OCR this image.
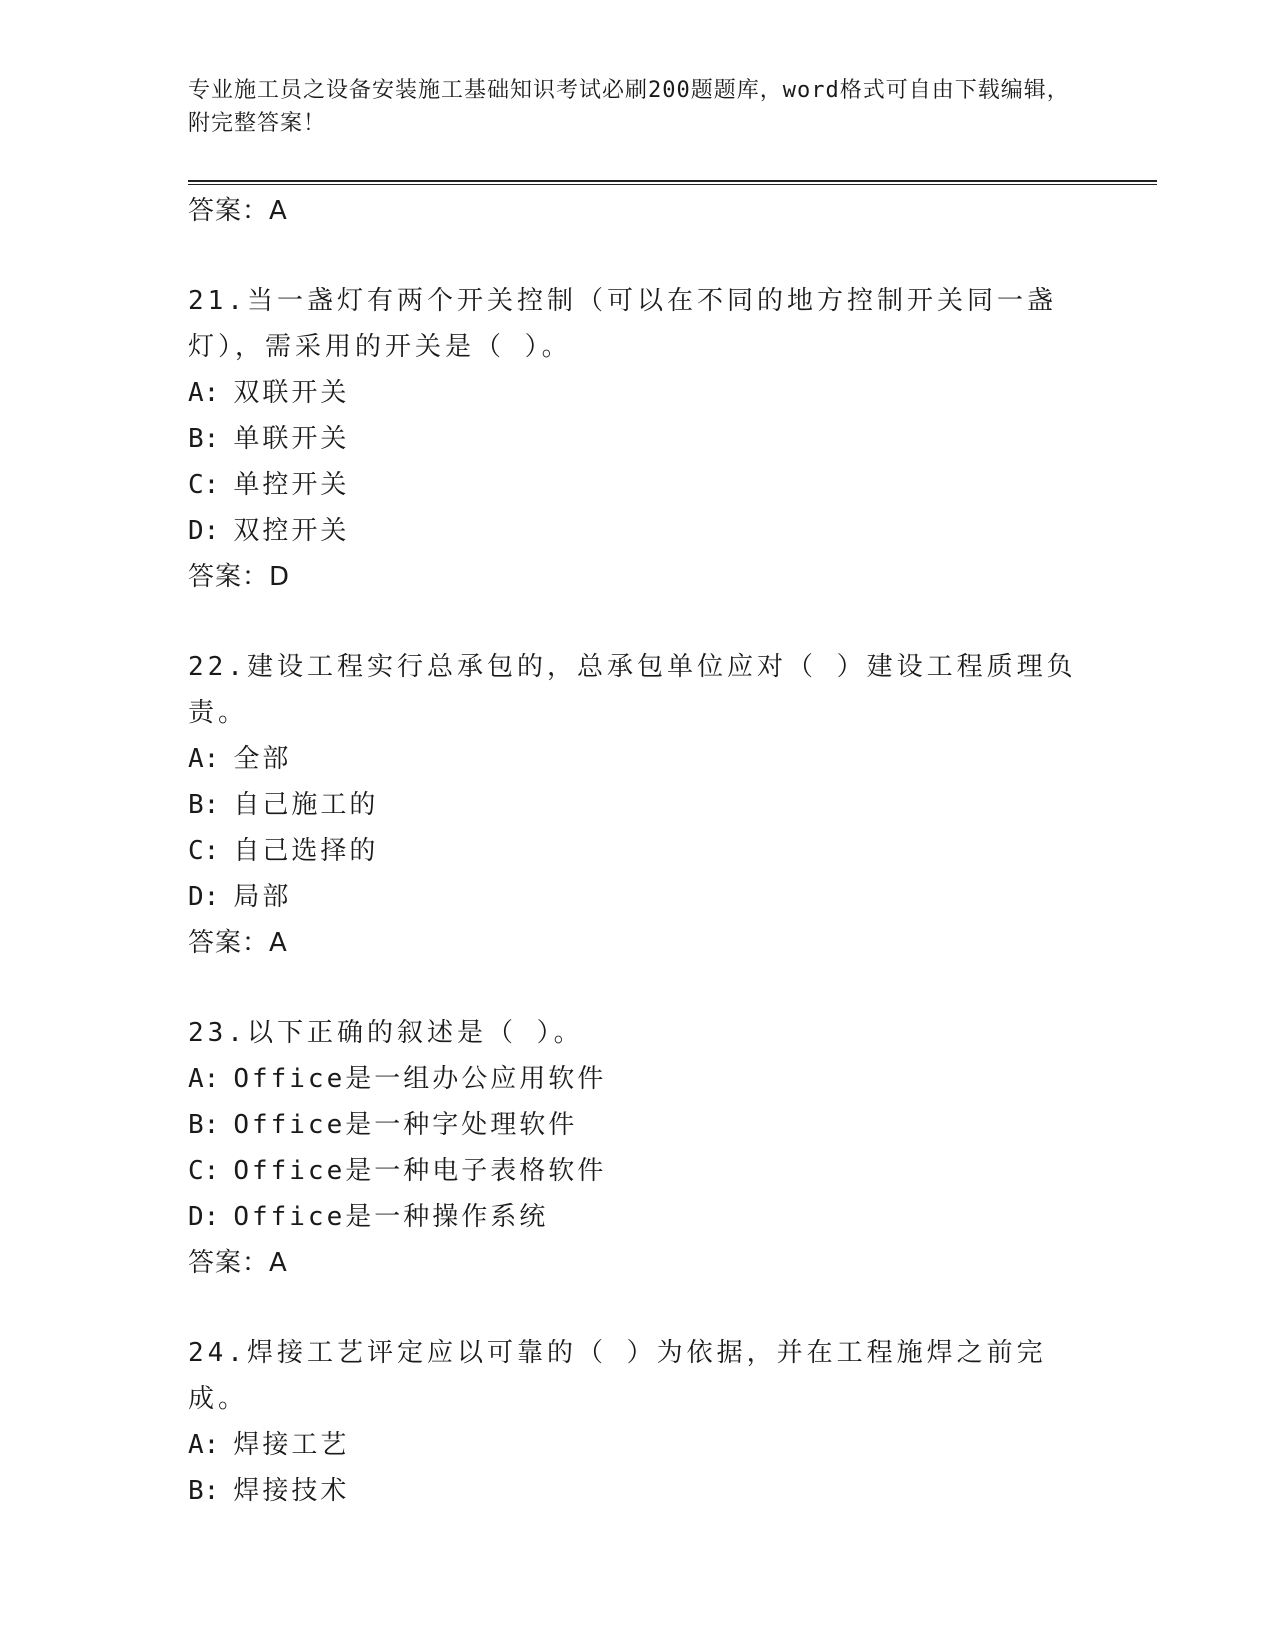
专业施工员之设备安装施工基础知识考试必刷200题题库，word格式可自由下载编辑，附完整答案！
答案：A
21.当一盏灯有两个开关控制（可以在不同的地方控制开关同一盏灯），需采用的开关是（ ）。
A: 双联开关
B: 单联开关
C: 单控开关
D: 双控开关
答案：D
22.建设工程实行总承包的，总承包单位应对（ ）建设工程质理负责。
A: 全部
B: 自己施工的
C: 自己选择的
D: 局部
答案：A
23.以下正确的叙述是（ ）。
A: Office是一组办公应用软件
B: Office是一种字处理软件
C: Office是一种电子表格软件
D: Office是一种操作系统
答案：A
24.焊接工艺评定应以可靠的（ ）为依据，并在工程施焊之前完成。
A: 焊接工艺
B: 焊接技术
